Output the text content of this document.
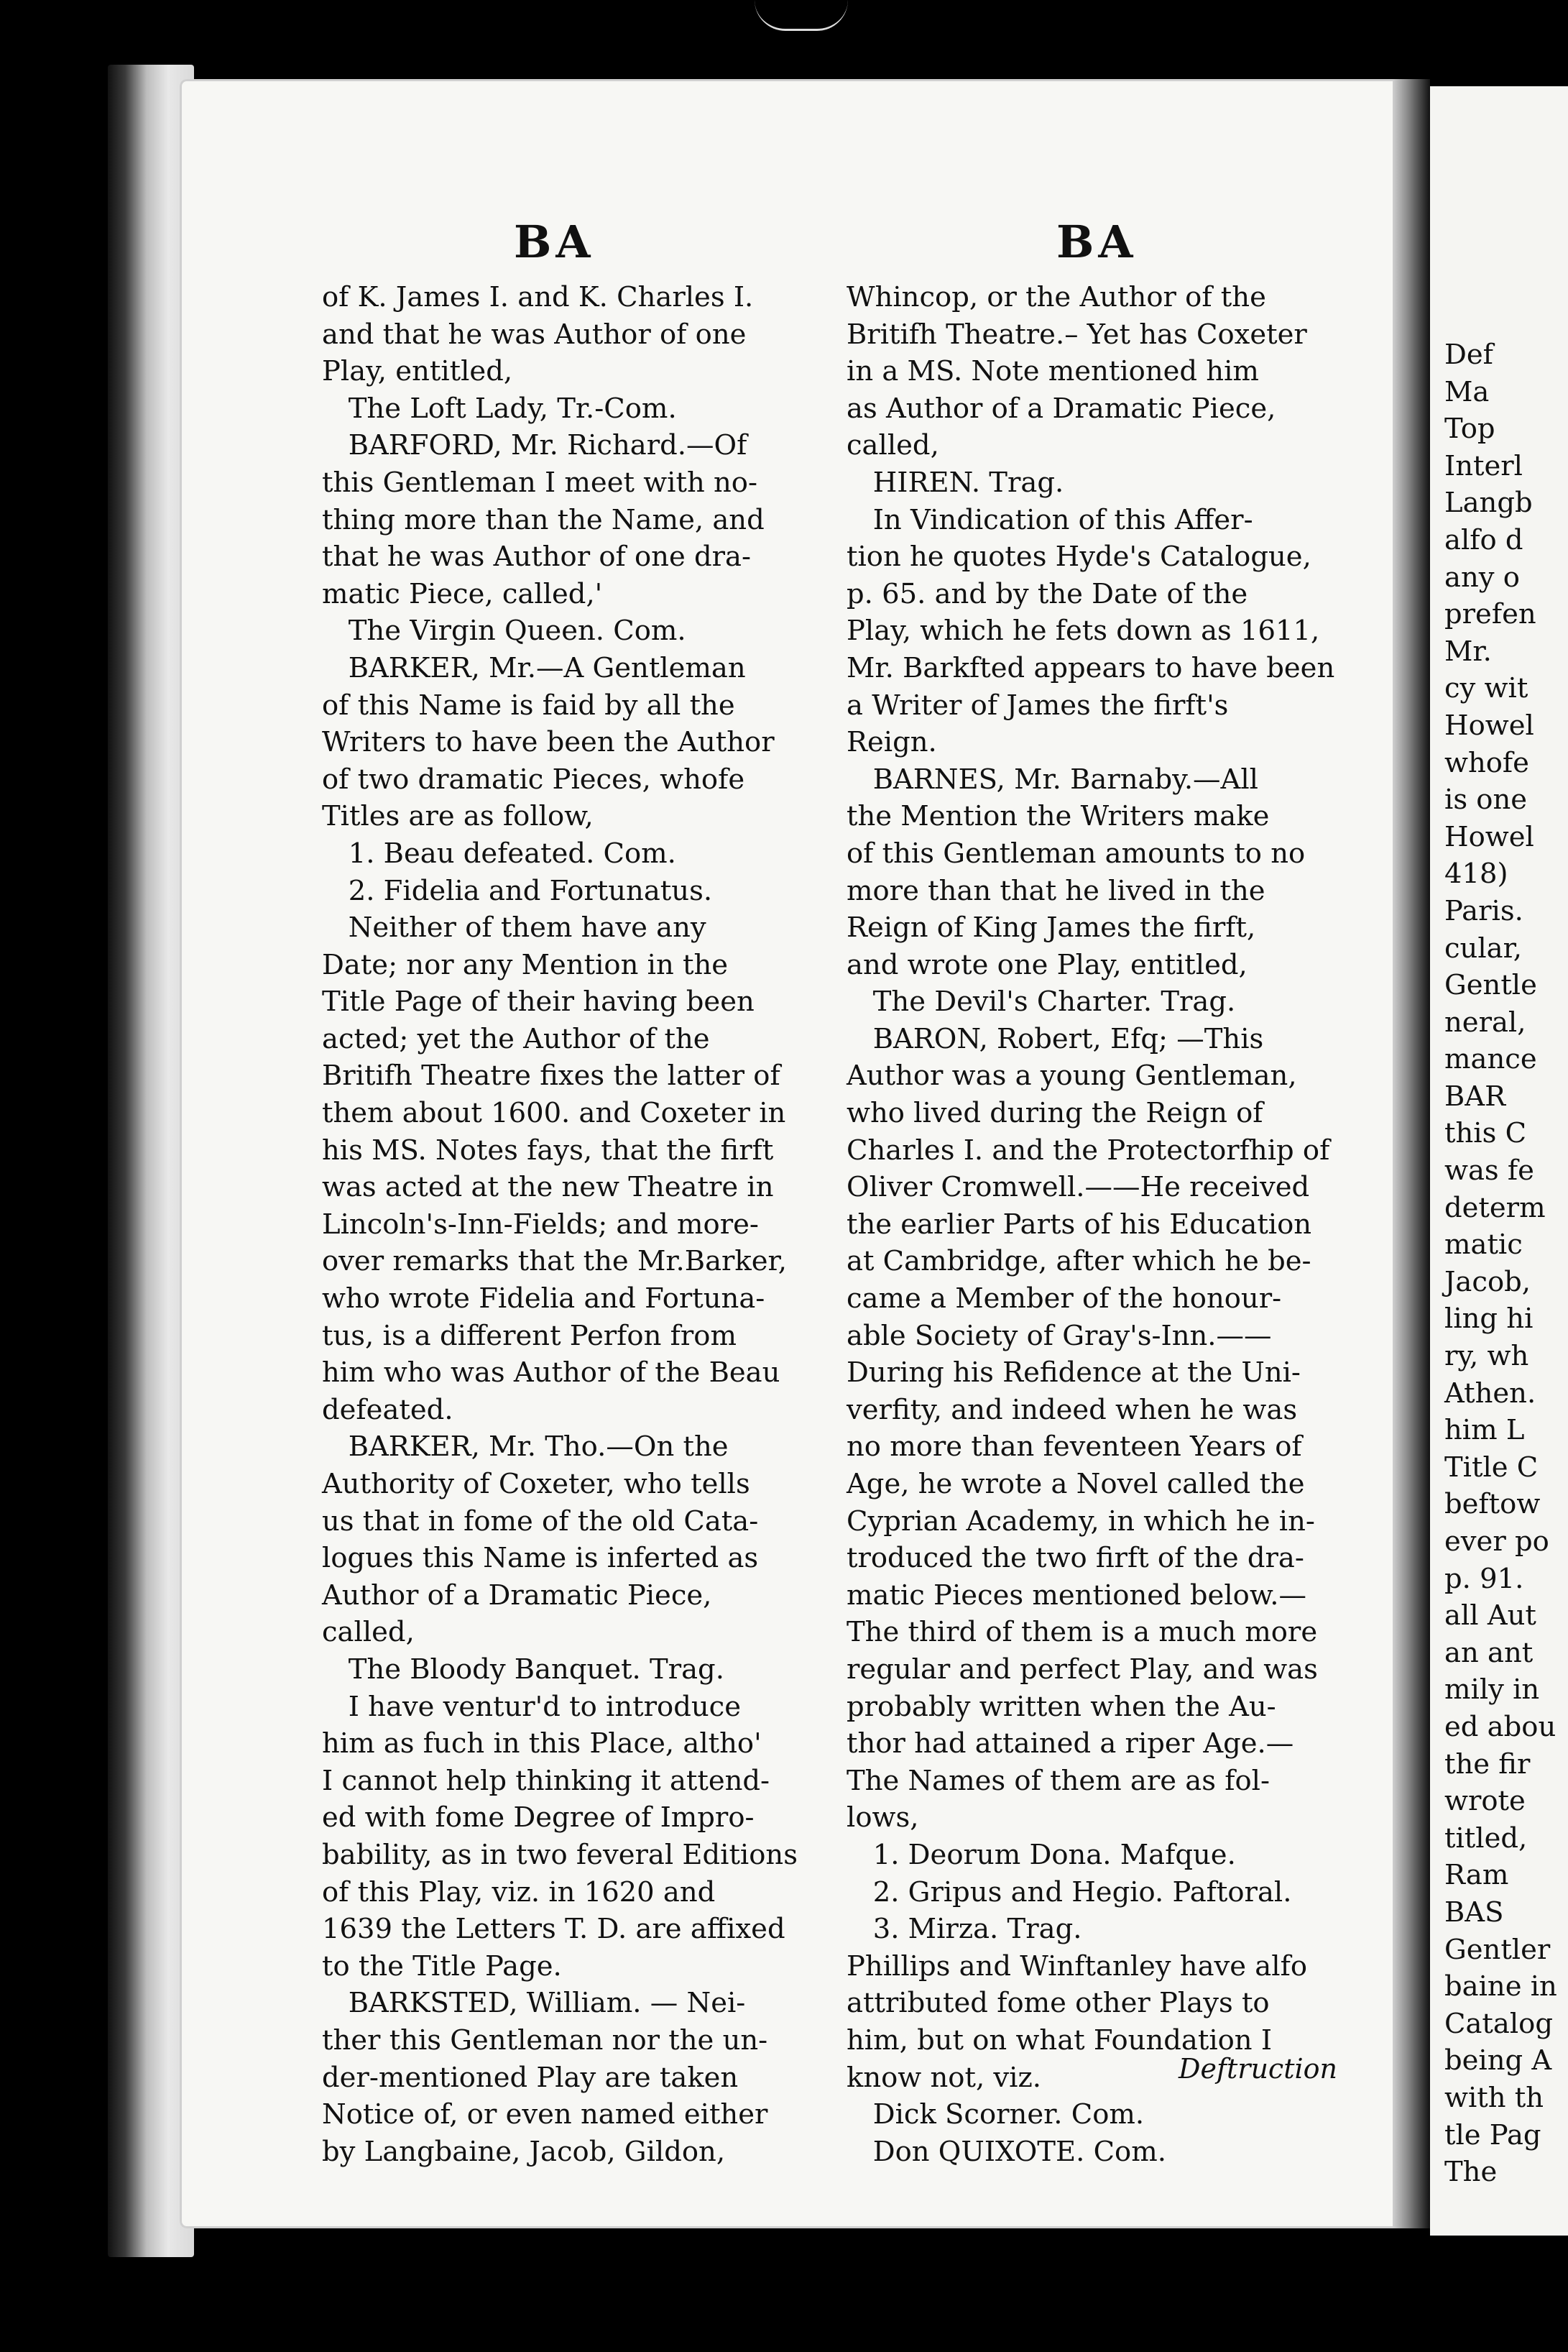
Def
Ma
Top
Interl
Langb
alfo d
any o
prefen
Mr.
cy wit
Howel
whofe
is one
Howel
418)
Paris.
cular,
Gentle
neral,
mance
BAR
this C
was fe
determ
matic
Jacob,
ling hi
ry, wh
Athen.
him L
Title C
beftow
ever po
p. 91.
all Aut
an ant
mily in
ed abou
the fir
wrote
titled,
Ram
BAS
Gentler
baine in
Catalog
being A
with th
tle Pag
The
BA	BA
of K. James I. and K. Charles I.
and that he was Author of one
Play, entitled,
The Loft Lady, Tr.-Com.
BARFORD, Mr. Richard.—Of
this Gentleman I meet with no-
thing more than the Name, and
that he was Author of one dra-
matic Piece, called,'
The Virgin Queen. Com.
BARKER, Mr.—A Gentleman
of this Name is faid by all the
Writers to have been the Author
of two dramatic Pieces, whofe
Titles are as follow,
1. Beau defeated. Com.
2. Fidelia and Fortunatus.
Neither of them have any
Date; nor any Mention in the
Title Page of their having been
acted; yet the Author of the
Britifh Theatre fixes the latter of
them about 1600. and Coxeter in
his MS. Notes fays, that the firft
was acted at the new Theatre in
Lincoln's-Inn-Fields; and more-
over remarks that the Mr.Barker,
who wrote Fidelia and Fortuna-
tus, is a different Perfon from
him who was Author of the Beau
defeated.
BARKER, Mr. Tho.—On the
Authority of Coxeter, who tells
us that in fome of the old Cata-
logues this Name is inferted as
Author of a Dramatic Piece,
called,
The Bloody Banquet. Trag.
I have ventur'd to introduce
him as fuch in this Place, altho'
I cannot help thinking it attend-
ed with fome Degree of Impro-
bability, as in two feveral Editions
of this Play, viz. in 1620 and
1639 the Letters T. D. are affixed
to the Title Page.
BARKSTED, William. — Nei-
ther this Gentleman nor the un-
der-mentioned Play are taken
Notice of, or even named either
by Langbaine, Jacob, Gildon,
Whincop, or the Author of the
Britifh Theatre.– Yet has Coxeter
in a MS. Note mentioned him
as Author of a Dramatic Piece,
called,
HIREN. Trag.
In Vindication of this Affer-
tion he quotes Hyde's Catalogue,
p. 65. and by the Date of the
Play, which he fets down as 1611,
Mr. Barkfted appears to have been
a Writer of James the firft's
Reign.
BARNES, Mr. Barnaby.—All
the Mention the Writers make
of this Gentleman amounts to no
more than that he lived in the
Reign of King James the firft,
and wrote one Play, entitled,
The Devil's Charter. Trag.
BARON, Robert, Efq; —This
Author was a young Gentleman,
who lived during the Reign of
Charles I. and the Protectorfhip of
Oliver Cromwell.——He received
the earlier Parts of his Education
at Cambridge, after which he be-
came a Member of the honour-
able Society of Gray's-Inn.——
During his Refidence at the Uni-
verfity, and indeed when he was
no more than feventeen Years of
Age, he wrote a Novel called the
Cyprian Academy, in which he in-
troduced the two firft of the dra-
matic Pieces mentioned below.—
The third of them is a much more
regular and perfect Play, and was
probably written when the Au-
thor had attained a riper Age.—
The Names of them are as fol-
lows,
1. Deorum Dona. Mafque.
2. Gripus and Hegio. Paftoral.
3. Mirza. Trag.
Phillips and Winftanley have alfo
attributed fome other Plays to
him, but on what Foundation I
know not, viz.
Dick Scorner. Com.
Don QUIXOTE. Com.
Deftruction
